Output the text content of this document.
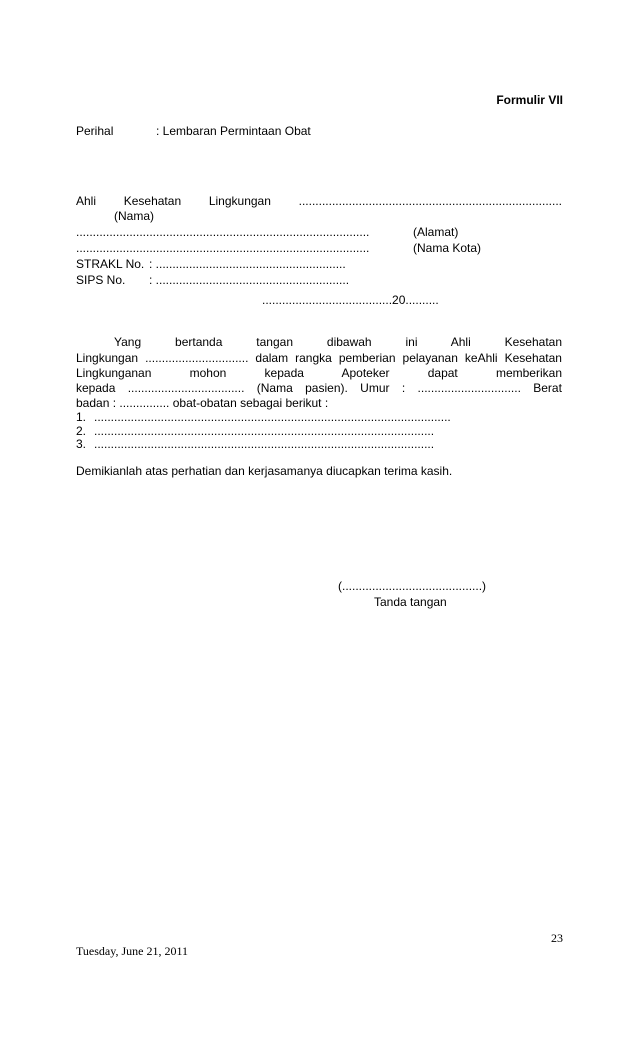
Formulir VII
Perihal	: Lembaran Permintaan Obat
Ahli Kesehatan Lingkungan ...............................................................................
(Nama)
........................................................................................	(Alamat)
........................................................................................	(Nama Kota)
STRAKL No. : .........................................................
SIPS No. : ..........................................................
.......................................20..........
Yang	bertanda	tangan	dibawah	ini	Ahli	Kesehatan
Lingkungan ............................... dalam rangka pemberian pelayanan keAhli Kesehatan
Lingkunganan	mohon	kepada	Apoteker	dapat	memberikan
kepada ................................... (Nama pasien). Umur : ............................... Berat
badan : ............... obat-obatan sebagai berikut :
1. ...........................................................................................................
2. ......................................................................................................
3. ......................................................................................................
Demikianlah atas perhatian dan kerjasamanya diucapkan terima kasih.
(..........................................)
Tanda tangan
23
Tuesday, June 21, 2011
